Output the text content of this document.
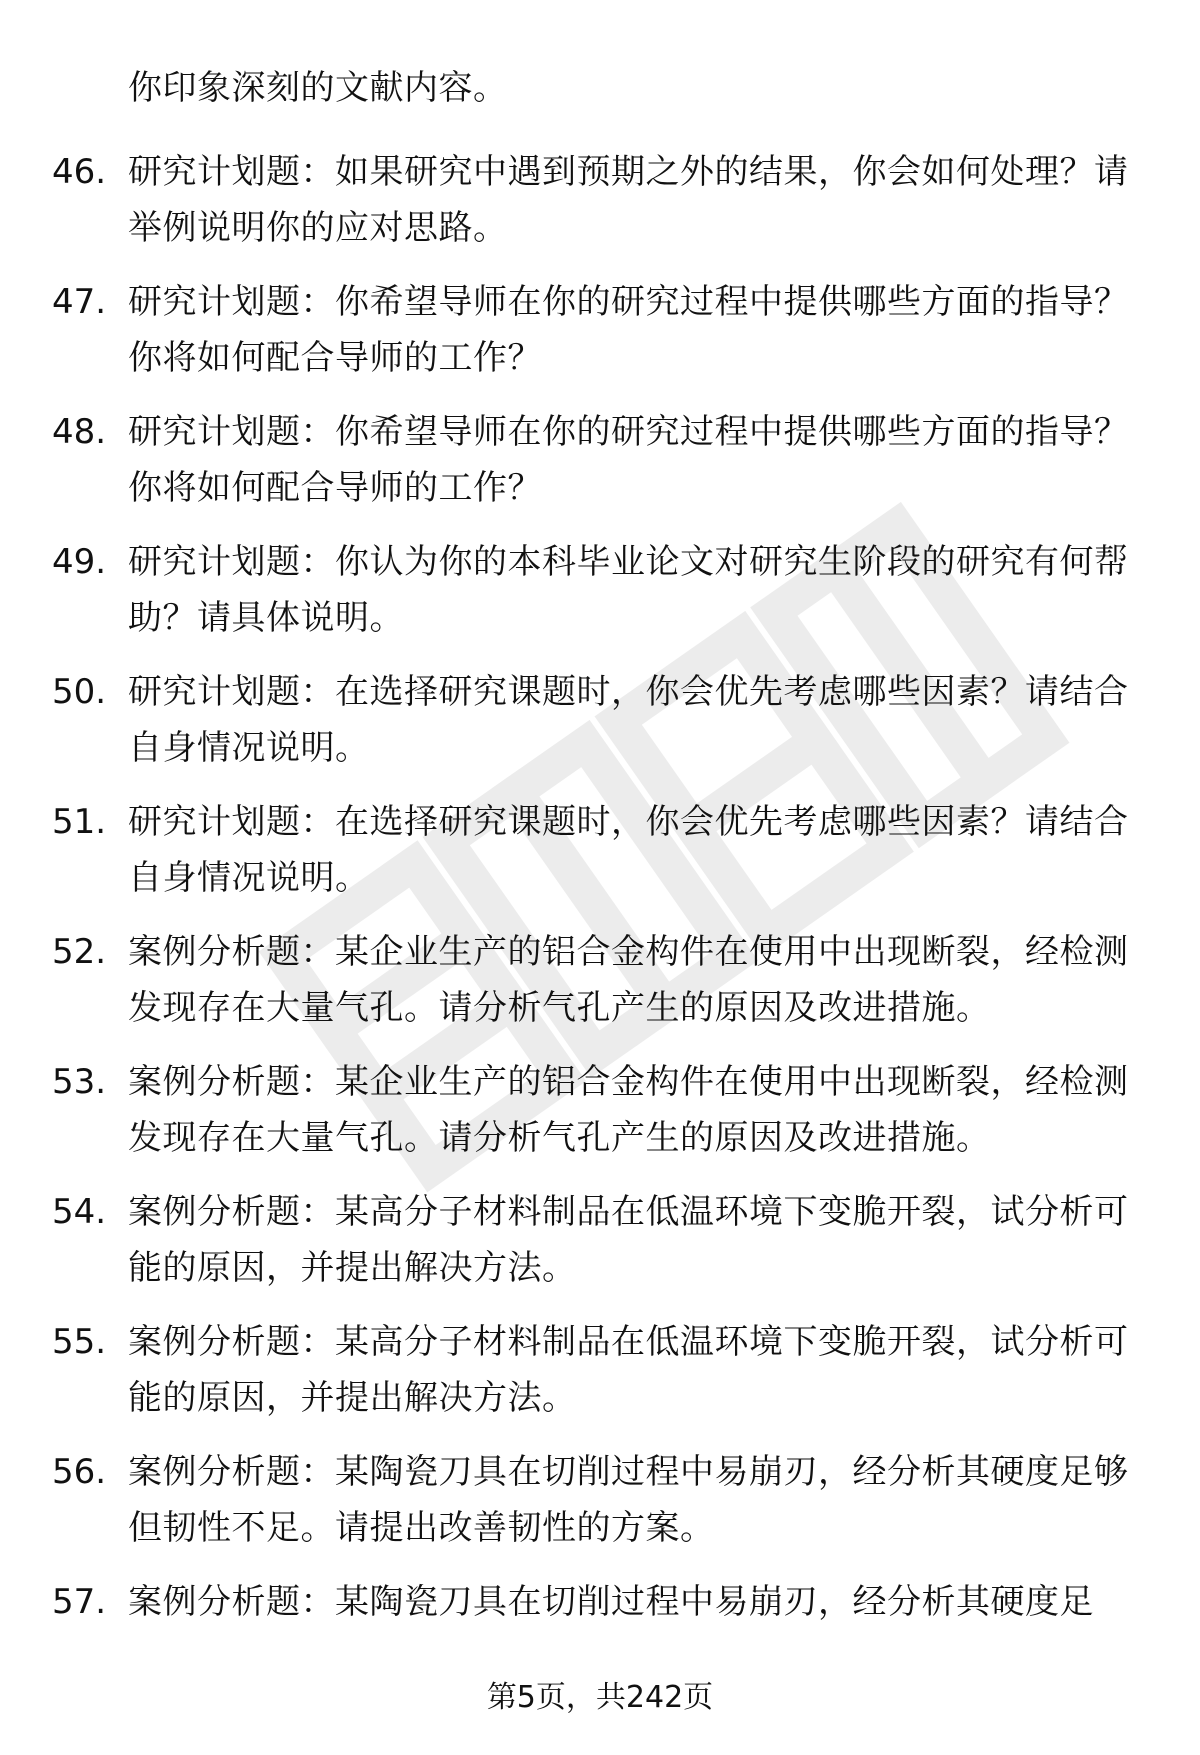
你印象深刻的文献内容。

46. 研究计划题：如果研究中遇到预期之外的结果，你会如何处理？请举例说明你的应对思路。
47. 研究计划题：你希望导师在你的研究过程中提供哪些方面的指导？你将如何配合导师的工作？
48. 研究计划题：你希望导师在你的研究过程中提供哪些方面的指导？你将如何配合导师的工作？
49. 研究计划题：你认为你的本科毕业论文对研究生阶段的研究有何帮助？请具体说明。
50. 研究计划题：在选择研究课题时，你会优先考虑哪些因素？请结合自身情况说明。
51. 研究计划题：在选择研究课题时，你会优先考虑哪些因素？请结合自身情况说明。
52. 案例分析题：某企业生产的铝合金构件在使用中出现断裂，经检测发现存在大量气孔。请分析气孔产生的原因及改进措施。
53. 案例分析题：某企业生产的铝合金构件在使用中出现断裂，经检测发现存在大量气孔。请分析气孔产生的原因及改进措施。
54. 案例分析题：某高分子材料制品在低温环境下变脆开裂，试分析可能的原因，并提出解决方法。
55. 案例分析题：某高分子材料制品在低温环境下变脆开裂，试分析可能的原因，并提出解决方法。
56. 案例分析题：某陶瓷刀具在切削过程中易崩刃，经分析其硬度足够但韧性不足。请提出改善韧性的方案。
57. 案例分析题：某陶瓷刀具在切削过程中易崩刃，经分析其硬度足
第5页，共242页
